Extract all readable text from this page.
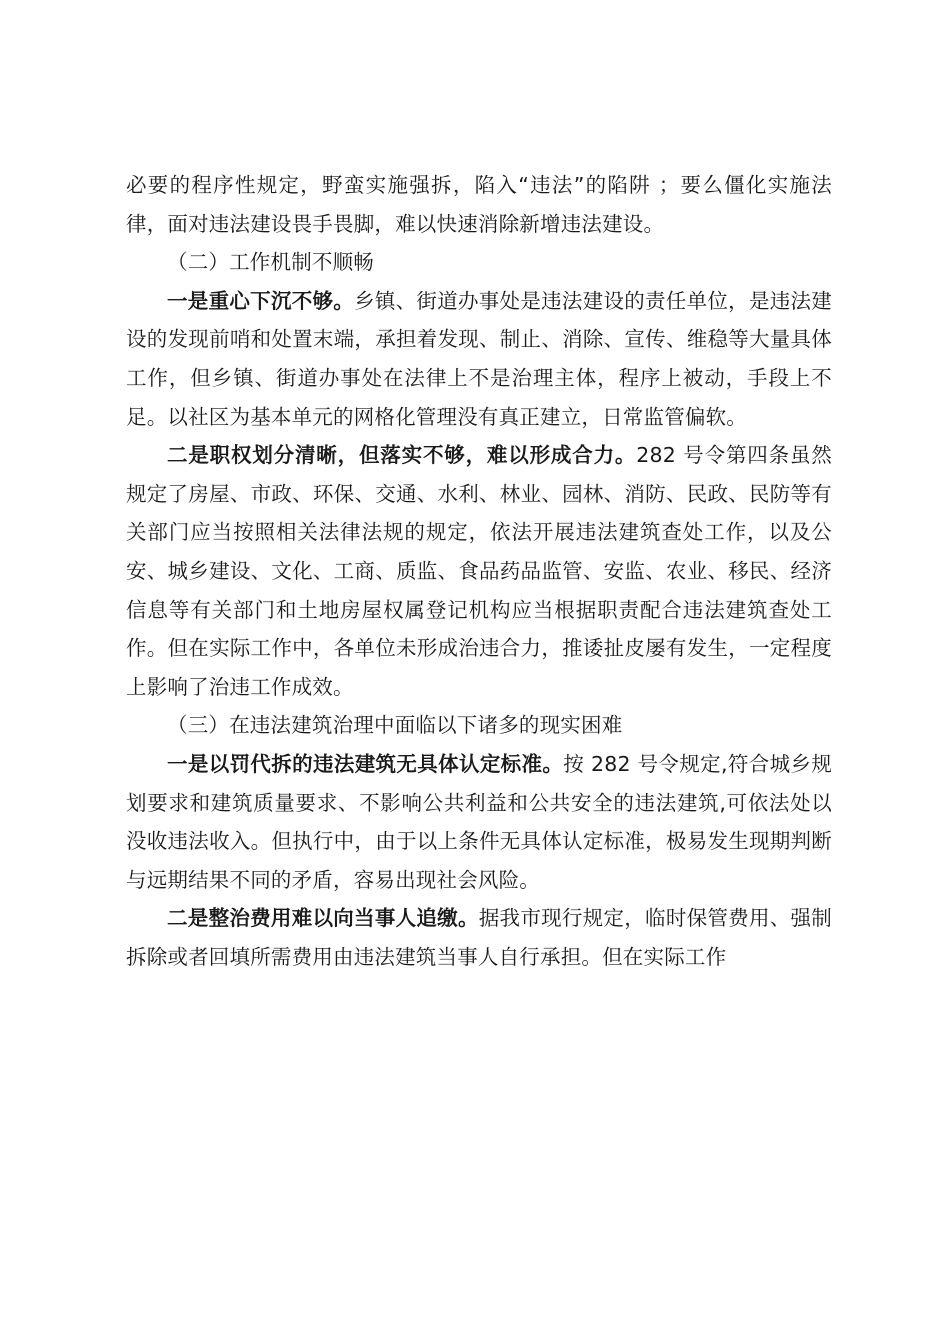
必要的程序性规定，野蛮实施强拆，陷入“违法”的陷阱 ；要么僵化实施法律，面对违法建设畏手畏脚，难以快速消除新增违法建设。

（二）工作机制不顺畅

一是重心下沉不够。乡镇、街道办事处是违法建设的责任单位，是违法建设的发现前哨和处置末端，承担着发现、制止、消除、宣传、维稳等大量具体工作，但乡镇、街道办事处在法律上不是治理主体，程序上被动，手段上不足。以社区为基本单元的网格化管理没有真正建立，日常监管偏软。

二是职权划分清晰，但落实不够，难以形成合力。282 号令第四条虽然规定了房屋、市政、环保、交通、水利、林业、园林、消防、民政、民防等有关部门应当按照相关法律法规的规定，依法开展违法建筑查处工作，以及公安、城乡建设、文化、工商、质监、食品药品监管、安监、农业、移民、经济信息等有关部门和土地房屋权属登记机构应当根据职责配合违法建筑查处工作。但在实际工作中，各单位未形成治违合力，推诿扯皮屡有发生，一定程度上影响了治违工作成效。

（三）在违法建筑治理中面临以下诸多的现实困难

一是以罚代拆的违法建筑无具体认定标准。按 282 号令规定,符合城乡规划要求和建筑质量要求、不影响公共利益和公共安全的违法建筑,可依法处以没收违法收入。但执行中，由于以上条件无具体认定标准，极易发生现期判断与远期结果不同的矛盾，容易出现社会风险。

二是整治费用难以向当事人追缴。据我市现行规定，临时保管费用、强制拆除或者回填所需费用由违法建筑当事人自行承担。但在实际工作
